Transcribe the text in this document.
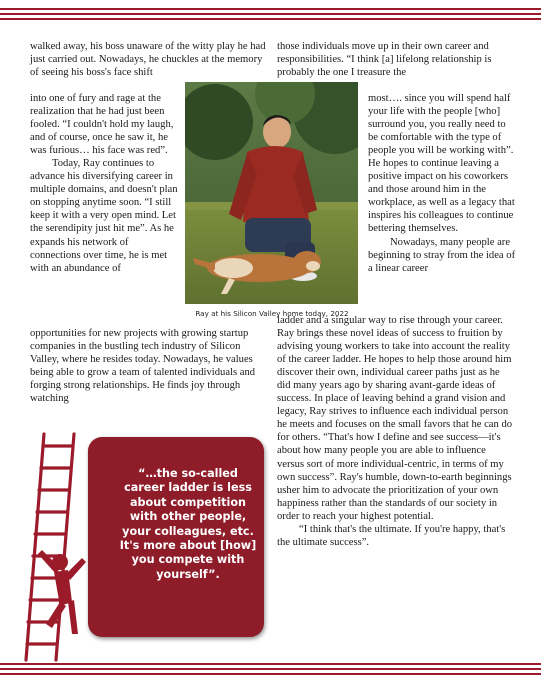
walked away, his boss unaware of the witty play he had just carried out. Nowadays, he chuckles at the memory of seeing his boss's face shift

into one of fury and rage at the realization that he had just been fooled. “I couldn't hold my laugh, and of course, once he saw it, he was furious… his face was red”.

Today, Ray continues to advance his diversifying career in multiple domains, and doesn't plan on stopping anytime soon. “I still keep it with a very open mind. Let the serendipity just hit me”. As he expands his network of connections over time, he is met with an abundance of

opportunities for new projects with growing startup companies in the bustling tech industry of Silicon Valley, where he resides today. Nowadays, he values being able to grow a team of talented individuals and forging strong relationships. He finds joy through watching

Ray at his Silicon Valley home today, 2022

those individuals move up in their own career and responsibilities. “I think [a] lifelong relationship is probably the one I treasure the

most…. since you will spend half your life with the people [who] surround you, you really need to be comfortable with the type of people you will be working with”. He hopes to continue leaving a positive impact on his coworkers and those around him in the workplace, as well as a legacy that inspires his colleagues to continue bettering themselves.

Nowadays, many people are beginning to stray from the idea of a linear career

ladder and a singular way to rise through your career. Ray brings these novel ideas of success to fruition by advising young workers to take into account the reality of the career ladder. He hopes to help those around him discover their own, individual career paths just as he did many years ago by sharing avant-garde ideas of success. In place of leaving behind a grand vision and legacy, Ray strives to influence each individual person he meets and focuses on the small favors that he can do for others. “That's how I define and see success—it's about how many people you are able to influence versus sort of more individual-centric, in terms of my own success”. Ray's humble, down-to-earth beginnings usher him to advocate the prioritization of your own happiness rather than the standards of our society in order to reach your highest potential.

“I think that's the ultimate. If you're happy, that's the ultimate success”.

“…the so-called career ladder is less about competition with other people, your colleagues, etc. It's more about [how] you compete with yourself”.
